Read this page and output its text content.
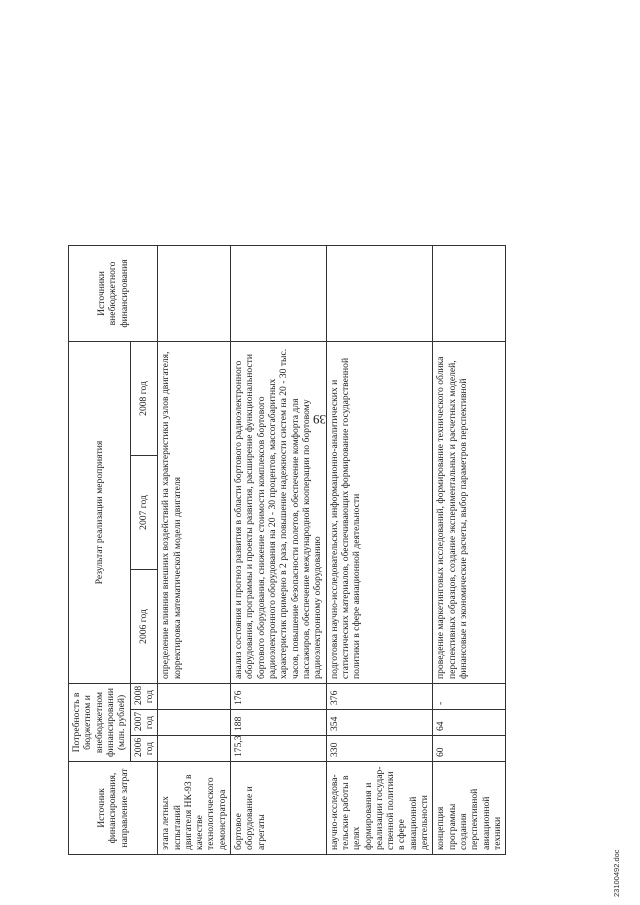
39
Источник финансирования, направление затрат	Потребность в бюджетном и внебюджетном финансировании (млн. рублей)			Результат реализации мероприятия			Источники внебюджетного финансирования	
	2006 год	2007 год	2008 год	2006 год	2007 год	2008 год		
этапа летных испытаний двигателя НК-93 в качестве технологического демонстратора				определение влияния внешних воздействий на характеристики узлов двигателя, корректировка математической модели двигателя				
бортовое оборудование и агрегаты	175,3	188	176	анализ состояния и прогноз развития в области бортового радиоэлектронного оборудования, программы и проекты развития, расширение функциональности бортового оборудования, снижение стоимости комплексов бортового радиоэлектронного оборудования на 20 - 30 процентов, массогабаритных характеристик примерно в 2 раза, повышение надежности систем на 20 - 30 тыс. часов, повышение безопасности полетов, обеспечение комфорта для пассажиров, обеспечение международной кооперации по бортовому радиоэлектронному оборудованию				
научно-исследова-тельские работы в целях формирования и реализации государ-ственной политики в сфере авиационной деятельности	330	354	376	подготовка научно-исследовательских, информационно-аналитических и статистических материалов, обеспечивающих формирование государственной политики в сфере авиационной деятельности				
концепция программы создания перспективной авиационной техники	60	64	-	проведение маркетинговых исследований, формирование технического облика перспективных образцов, создание экспериментальных и расчетных моделей, финансовые и экономические расчеты, выбор параметров перспективной				
23100492.doc
